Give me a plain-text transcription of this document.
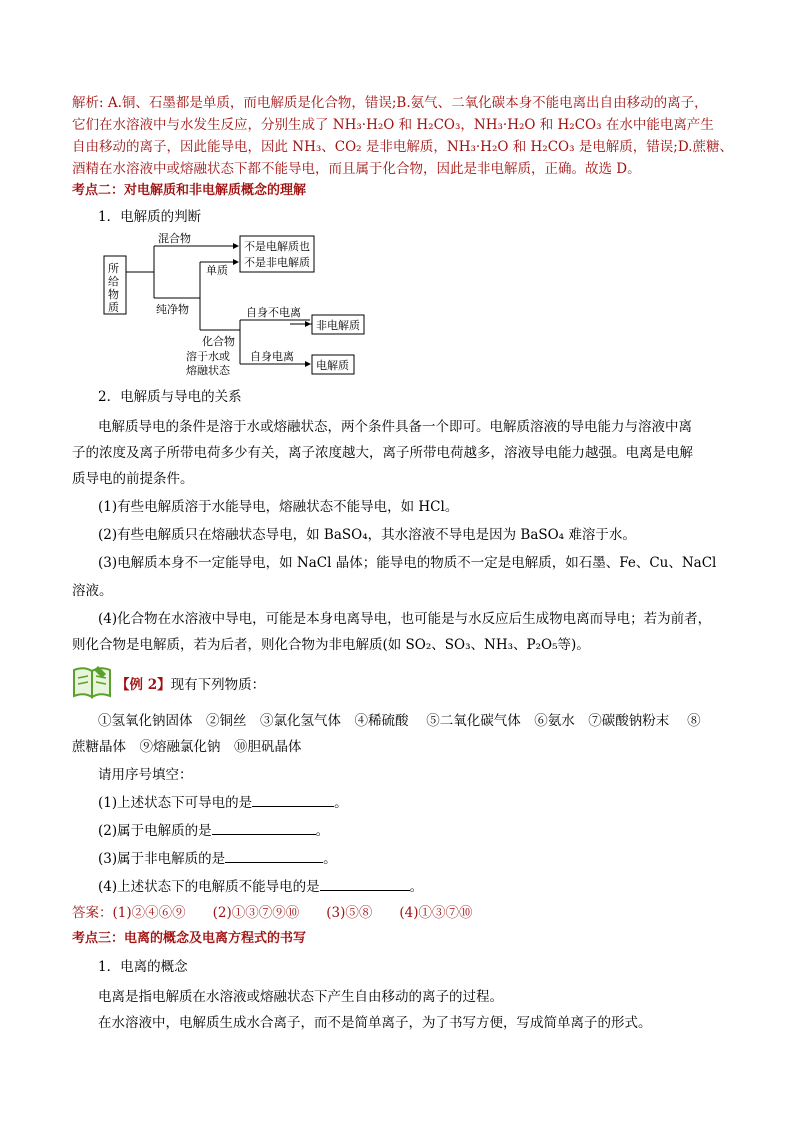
解析: A.铜、石墨都是单质，而电解质是化合物，错误;B.氨气、二氧化碳本身不能电离出自由移动的离子，
它们在水溶液中与水发生反应，分别生成了 NH₃·H₂O 和 H₂CO₃，NH₃·H₂O 和 H₂CO₃ 在水中能电离产生
自由移动的离子，因此能导电，因此 NH₃、CO₂ 是非电解质，NH₃·H₂O 和 H₂CO₃ 是电解质，错误;D.蔗糖、
酒精在水溶液中或熔融状态下都不能导电，而且属于化合物，因此是非电解质，正确。故选 D。
考点二：对电解质和非电解质概念的理解
1．电解质的判断
所
给
物
质
混合物
纯净物
单质
不是电解质也
不是非电解质
化合物
自身不电离
非电解质
溶于水或
熔融状态
自身电离
电解质
2．电解质与导电的关系
电解质导电的条件是溶于水或熔融状态，两个条件具备一个即可。电解质溶液的导电能力与溶液中离
子的浓度及离子所带电荷多少有关，离子浓度越大，离子所带电荷越多，溶液导电能力越强。电离是电解
质导电的前提条件。
(1)有些电解质溶于水能导电，熔融状态不能导电，如 HCl。
(2)有些电解质只在熔融状态导电，如 BaSO₄，其水溶液不导电是因为 BaSO₄ 难溶于水。
(3)电解质本身不一定能导电，如 NaCl 晶体；能导电的物质不一定是电解质，如石墨、Fe、Cu、NaCl
溶液。
(4)化合物在水溶液中导电，可能是本身电离导电，也可能是与水反应后生成物电离而导电；若为前者，
则化合物是电解质，若为后者，则化合物为非电解质(如 SO₂、SO₃、NH₃、P₂O₅等)。
【例 2】现有下列物质：
①氢氧化钠固体　②铜丝　③氯化氢气体　④稀硫酸　 ⑤二氧化碳气体　⑥氨水　⑦碳酸钠粉末　 ⑧
蔗糖晶体　⑨熔融氯化钠　⑩胆矾晶体
请用序号填空：
(1)上述状态下可导电的是	。
(2)属于电解质的是	。
(3)属于非电解质的是	。
(4)上述状态下的电解质不能导电的是	。
答案：(1)②④⑥⑨　　(2)①③⑦⑨⑩　　(3)⑤⑧　　(4)①③⑦⑩
考点三：电离的概念及电离方程式的书写
1．电离的概念
电离是指电解质在水溶液或熔融状态下产生自由移动的离子的过程。
在水溶液中，电解质生成水合离子，而不是简单离子，为了书写方便，写成简单离子的形式。
